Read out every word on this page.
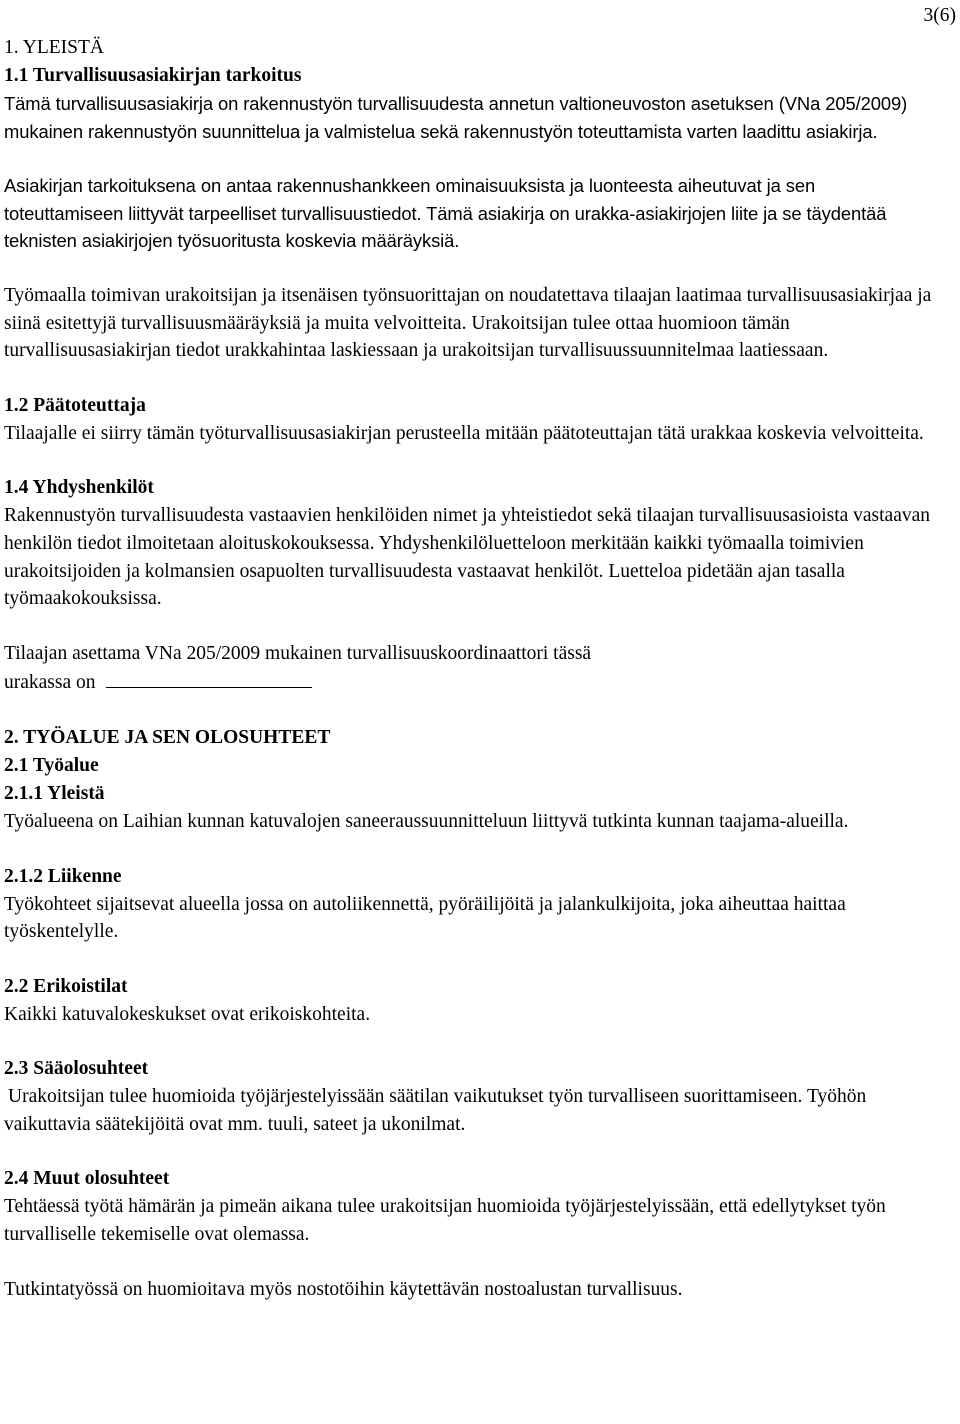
3(6)
1. YLEISTÄ
1.1 Turvallisuusasiakirjan tarkoitus

Tämä turvallisuusasiakirja on rakennustyön turvallisuudesta annetun valtioneuvoston asetuksen (VNa 205/2009) mukainen rakennustyön suunnittelua ja valmistelua sekä rakennustyön toteuttamista varten laadittu asiakirja.

Asiakirjan tarkoituksena on antaa rakennushankkeen ominaisuuksista ja luonteesta aiheutuvat ja sen toteuttamiseen liittyvät tarpeelliset turvallisuustiedot. Tämä asiakirja on urakka-asiakirjojen liite ja se täydentää teknisten asiakirjojen työsuoritusta koskevia määräyksiä.

Työmaalla toimivan urakoitsijan ja itsenäisen työnsuorittajan on noudatettava tilaajan laatimaa turvallisuusasiakirjaa ja siinä esitettyjä turvallisuusmääräyksiä ja muita velvoitteita. Urakoitsijan tulee ottaa huomioon tämän turvallisuusasiakirjan tiedot urakkahintaa laskiessaan ja urakoitsijan turvallisuussuunnitelmaa laatiessaan.

1.2 Päätoteuttaja

Tilaajalle ei siirry tämän työturvallisuusasiakirjan perusteella mitään päätoteuttajan tätä urakkaa koskevia velvoitteita.

1.4 Yhdyshenkilöt

Rakennustyön turvallisuudesta vastaavien henkilöiden nimet ja yhteistiedot sekä tilaajan turvallisuusasioista vastaavan henkilön tiedot ilmoitetaan aloituskokouksessa. Yhdyshenkilöluetteloon merkitään kaikki työmaalla toimivien urakoitsijoiden ja kolmansien osapuolten turvallisuudesta vastaavat henkilöt. Luetteloa pidetään ajan tasalla työmaakokouksissa.

Tilaajan asettama VNa 205/2009 mukainen turvallisuuskoordinaattori tässä
urakassa on

2. TYÖALUE JA SEN OLOSUHTEET
2.1 Työalue
2.1.1 Yleistä

Työalueena on Laihian kunnan katuvalojen saneeraussuunnitteluun liittyvä tutkinta kunnan taajama-alueilla.

2.1.2 Liikenne

Työkohteet sijaitsevat alueella jossa on autoliikennettä, pyöräilijöitä ja jalankulkijoita, joka aiheuttaa haittaa työskentelylle.

2.2 Erikoistilat

Kaikki katuvalokeskukset ovat erikoiskohteita.

2.3 Sääolosuhteet

Urakoitsijan tulee huomioida työjärjestelyissään säätilan vaikutukset työn turvalliseen suorittamiseen. Työhön vaikuttavia säätekijöitä ovat mm. tuuli, sateet ja ukonilmat.

2.4 Muut olosuhteet

Tehtäessä työtä hämärän ja pimeän aikana tulee urakoitsijan huomioida työjärjestelyissään, että edellytykset työn turvalliselle tekemiselle ovat olemassa.

Tutkintatyössä on huomioitava myös nostotöihin käytettävän nostoalustan turvallisuus.
